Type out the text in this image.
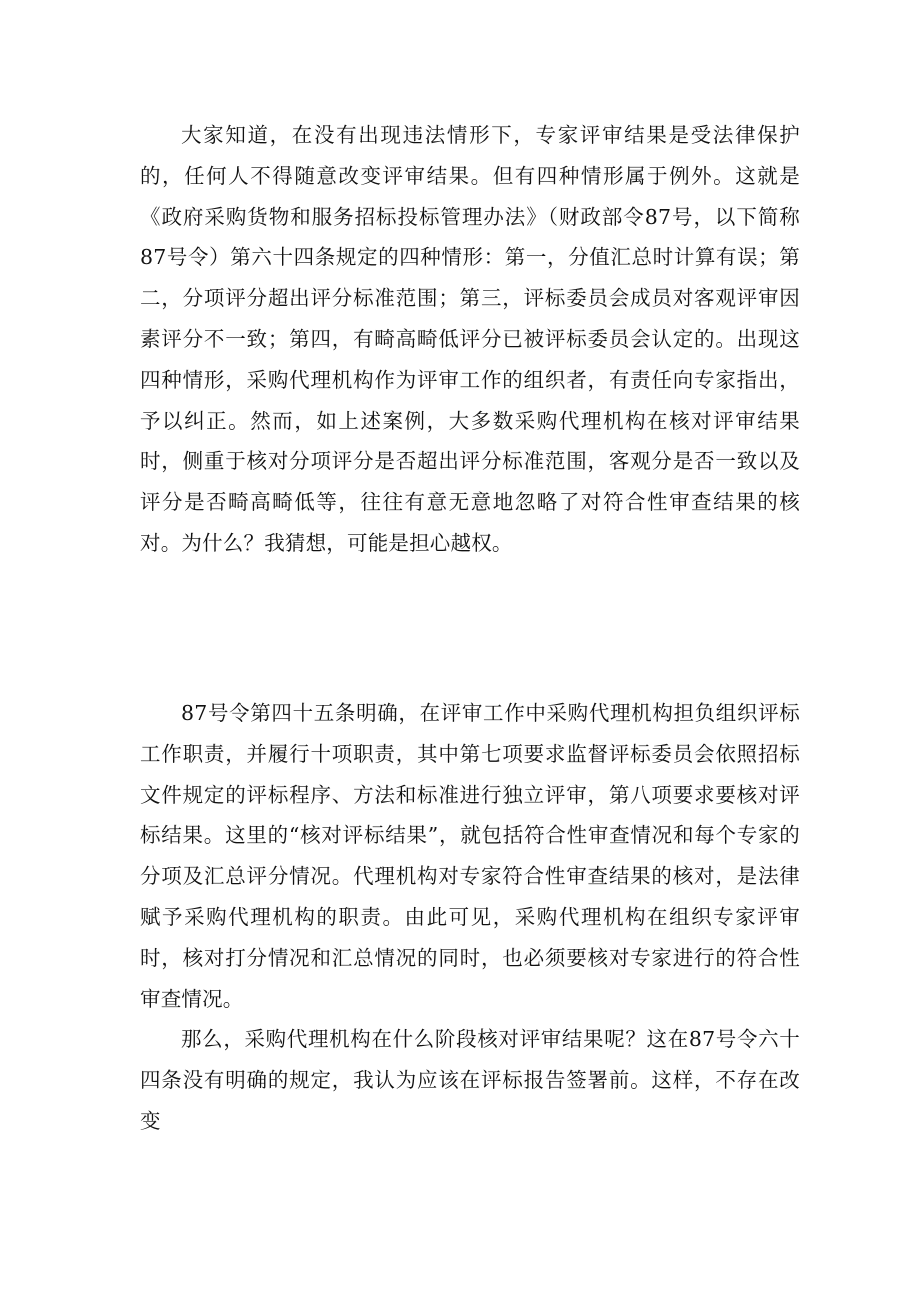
大家知道，在没有出现违法情形下，专家评审结果是受法律保护的，任何人不得随意改变评审结果。但有四种情形属于例外。这就是《政府采购货物和服务招标投标管理办法》（财政部令87号，以下简称87号令）第六十四条规定的四种情形：第一，分值汇总时计算有误；第二，分项评分超出评分标准范围；第三，评标委员会成员对客观评审因素评分不一致；第四，有畸高畸低评分已被评标委员会认定的。出现这四种情形，采购代理机构作为评审工作的组织者，有责任向专家指出，予以纠正。然而，如上述案例，大多数采购代理机构在核对评审结果时，侧重于核对分项评分是否超出评分标准范围，客观分是否一致以及评分是否畸高畸低等，往往有意无意地忽略了对符合性审查结果的核对。为什么？我猜想，可能是担心越权。

87号令第四十五条明确，在评审工作中采购代理机构担负组织评标工作职责，并履行十项职责，其中第七项要求监督评标委员会依照招标文件规定的评标程序、方法和标准进行独立评审，第八项要求要核对评标结果。这里的“核对评标结果”，就包括符合性审查情况和每个专家的分项及汇总评分情况。代理机构对专家符合性审查结果的核对，是法律赋予采购代理机构的职责。由此可见，采购代理机构在组织专家评审时，核对打分情况和汇总情况的同时，也必须要核对专家进行的符合性审查情况。

那么，采购代理机构在什么阶段核对评审结果呢？这在87号令六十四条没有明确的规定，我认为应该在评标报告签署前。这样，不存在改变
